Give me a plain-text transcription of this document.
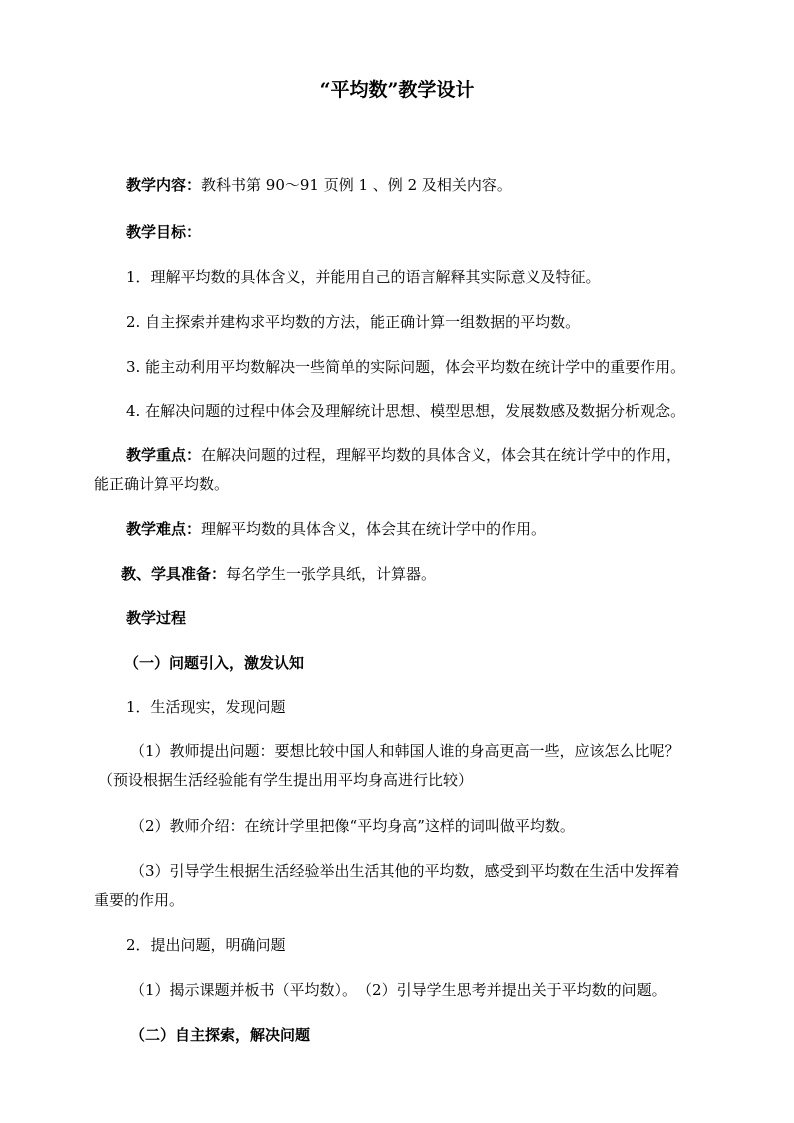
“平均数”教学设计
教学内容：教科书第 90～91 页例 1 、例 2 及相关内容。
教学目标：
1．理解平均数的具体含义，并能用自己的语言解释其实际意义及特征。
2. 自主探索并建构求平均数的方法，能正确计算一组数据的平均数。
3. 能主动利用平均数解决一些简单的实际问题，体会平均数在统计学中的重要作用。
4. 在解决问题的过程中体会及理解统计思想、模型思想，发展数感及数据分析观念。
教学重点：在解决问题的过程，理解平均数的具体含义，体会其在统计学中的作用，
能正确计算平均数。
教学难点：理解平均数的具体含义，体会其在统计学中的作用。
教、学具准备：每名学生一张学具纸，计算器。
教学过程
（一）问题引入，激发认知
1．生活现实，发现问题
（1）教师提出问题：要想比较中国人和韩国人谁的身高更高一些，应该怎么比呢？
（预设根据生活经验能有学生提出用平均身高进行比较）
（2）教师介绍：在统计学里把像“平均身高”这样的词叫做平均数。
（3）引导学生根据生活经验举出生活其他的平均数，感受到平均数在生活中发挥着
重要的作用。
2．提出问题，明确问题
（1）揭示课题并板书（平均数）。　（2）引导学生思考并提出关于平均数的问题。
（二）自主探索，解决问题
